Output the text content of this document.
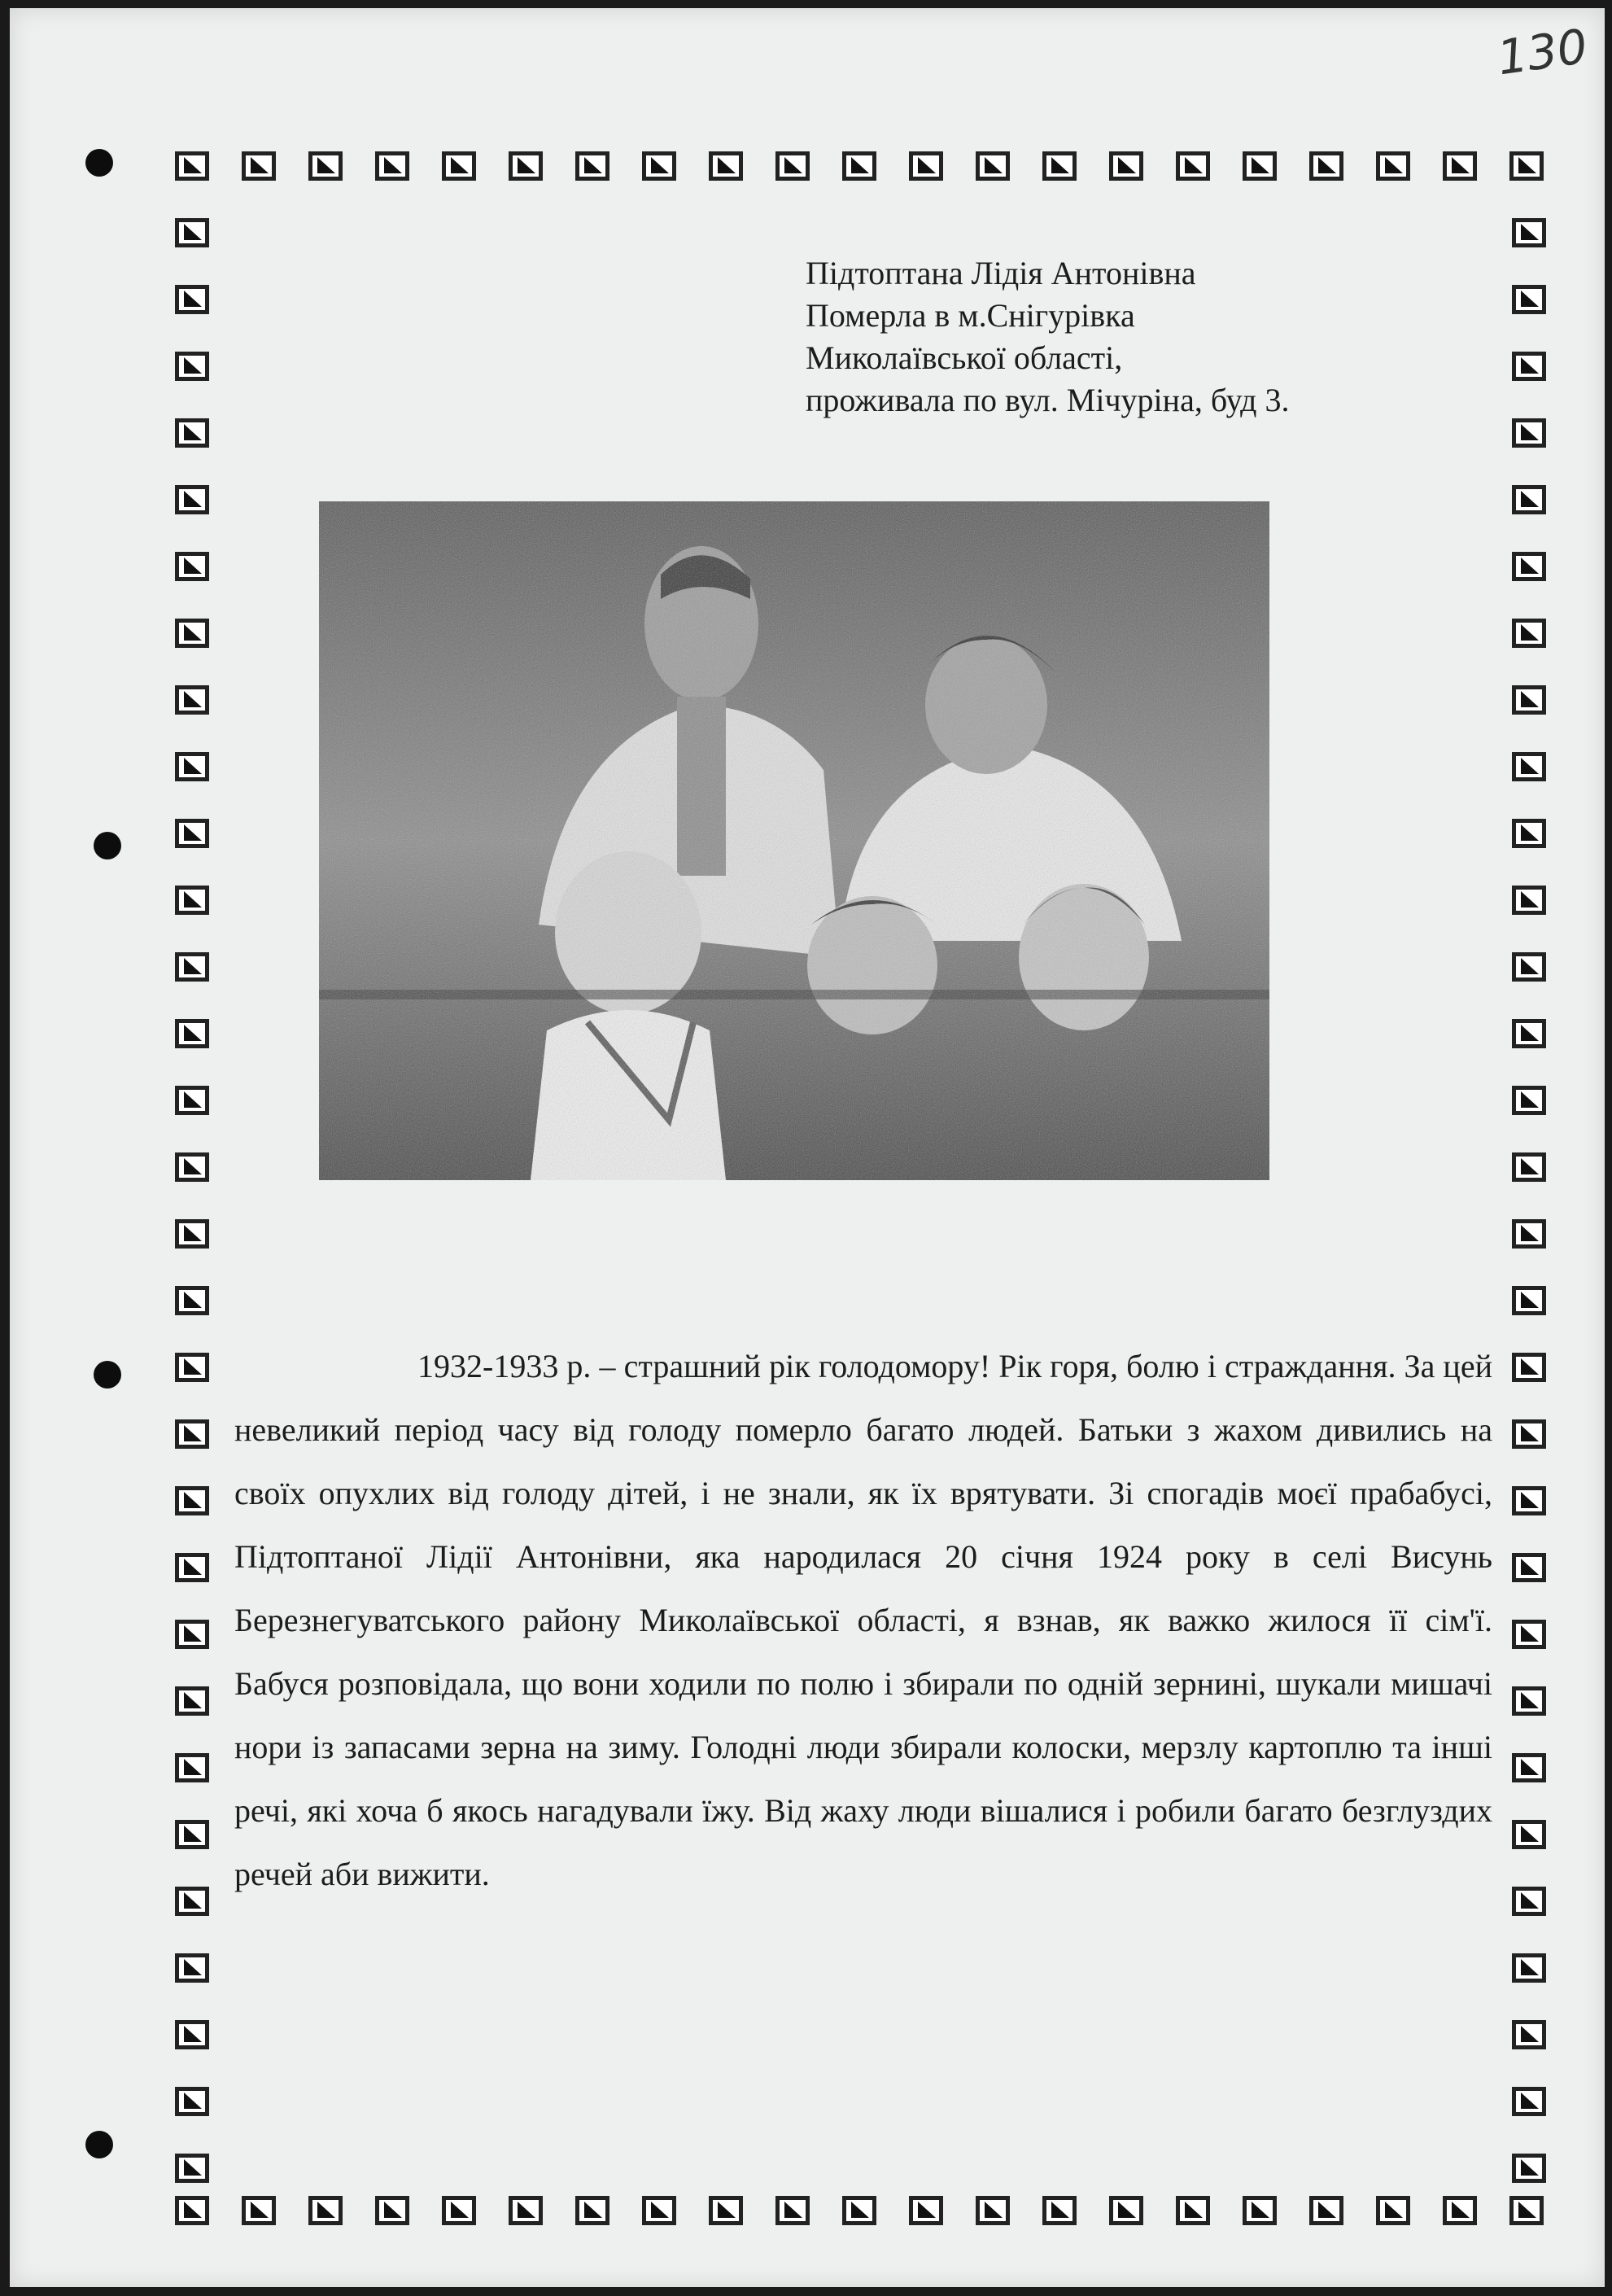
130
Підтоптана Лідія Антонівна
Померла в м.Снігурівка
Миколаївської області,
проживала по вул. Мічуріна, буд 3.
1932-1933 р. – страшний рік голодомору! Рік горя, болю і страждання. За цей невеликий період часу від голоду померло багато людей. Батьки з жахом дивились на своїх опухлих від голоду дітей, і не знали, як їх врятувати. Зі спогадів моєї прабабусі, Підтоптаної Лідії Антонівни, яка народилася 20 січня 1924 року в селі Висунь Березнегуватського району Миколаївської області, я взнав, як важко жилося її сім'ї. Бабуся розповідала, що вони ходили по полю і збирали по одній зернині, шукали мишачі нори із запасами зерна на зиму. Голодні люди збирали колоски, мерзлу картоплю та інші речі, які хоча б якось нагадували їжу. Від жаху люди вішалися і робили багато безглуздих речей аби вижити.
